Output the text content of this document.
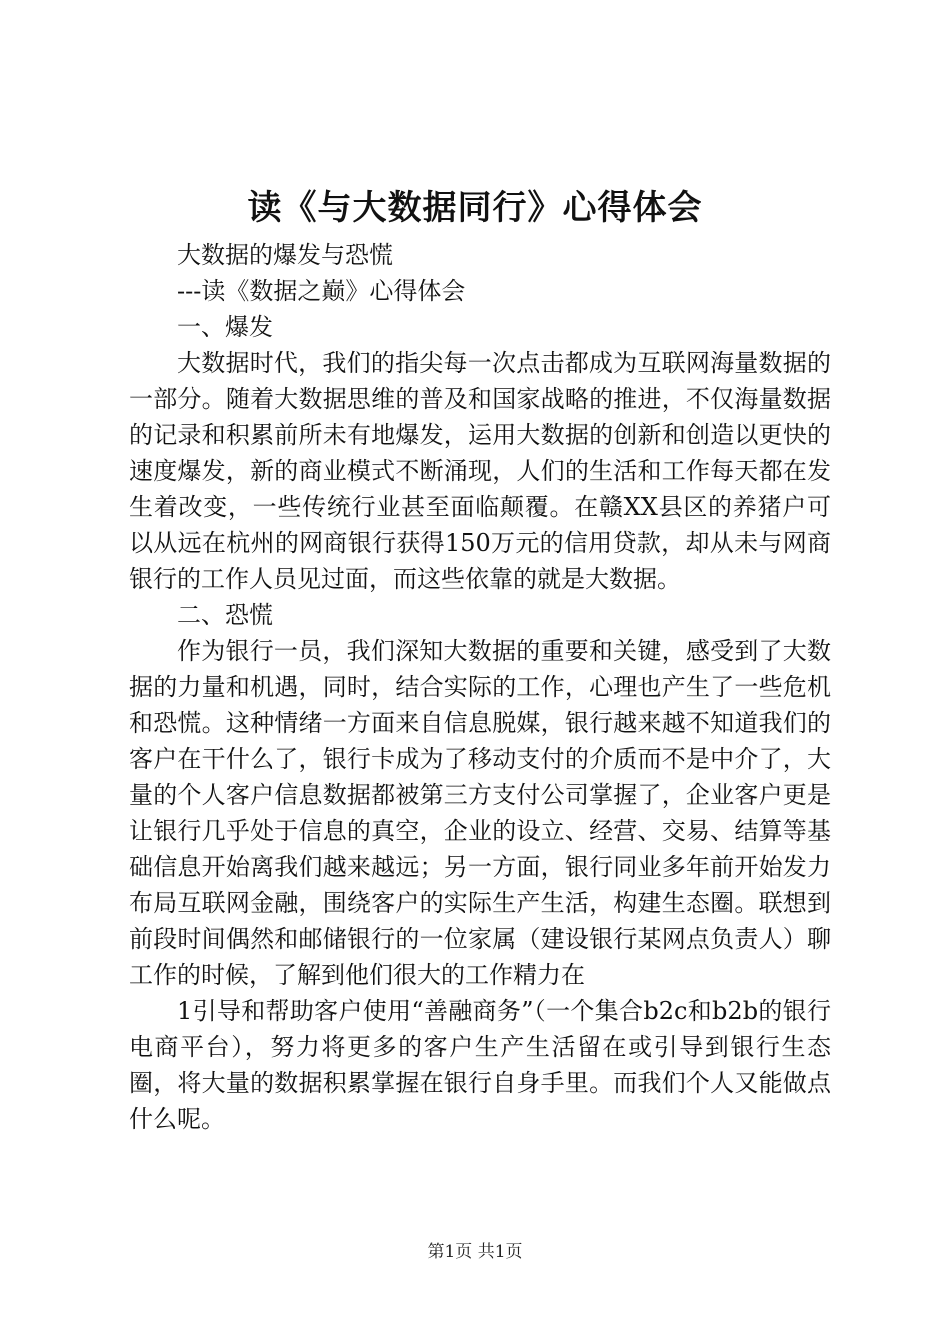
读《与大数据同行》心得体会

大数据的爆发与恐慌

---读《数据之巅》心得体会

一、爆发

大数据时代，我们的指尖每一次点击都成为互联网海量数据的一部分。随着大数据思维的普及和国家战略的推进，不仅海量数据的记录和积累前所未有地爆发，运用大数据的创新和创造以更快的速度爆发，新的商业模式不断涌现，人们的生活和工作每天都在发生着改变，一些传统行业甚至面临颠覆。在赣XX县区的养猪户可以从远在杭州的网商银行获得150万元的信用贷款，却从未与网商银行的工作人员见过面，而这些依靠的就是大数据。

二、恐慌

作为银行一员，我们深知大数据的重要和关键，感受到了大数据的力量和机遇，同时，结合实际的工作，心理也产生了一些危机和恐慌。这种情绪一方面来自信息脱媒，银行越来越不知道我们的客户在干什么了，银行卡成为了移动支付的介质而不是中介了，大量的个人客户信息数据都被第三方支付公司掌握了，企业客户更是让银行几乎处于信息的真空，企业的设立、经营、交易、结算等基础信息开始离我们越来越远；另一方面，银行同业多年前开始发力布局互联网金融，围绕客户的实际生产生活，构建生态圈。联想到前段时间偶然和邮储银行的一位家属（建设银行某网点负责人）聊工作的时候，了解到他们很大的工作精力在

1引导和帮助客户使用“善融商务”（一个集合b2c和b2b的银行电商平台），努力将更多的客户生产生活留在或引导到银行生态圈，将大量的数据积累掌握在银行自身手里。而我们个人又能做点什么呢。

第1页 共1页
